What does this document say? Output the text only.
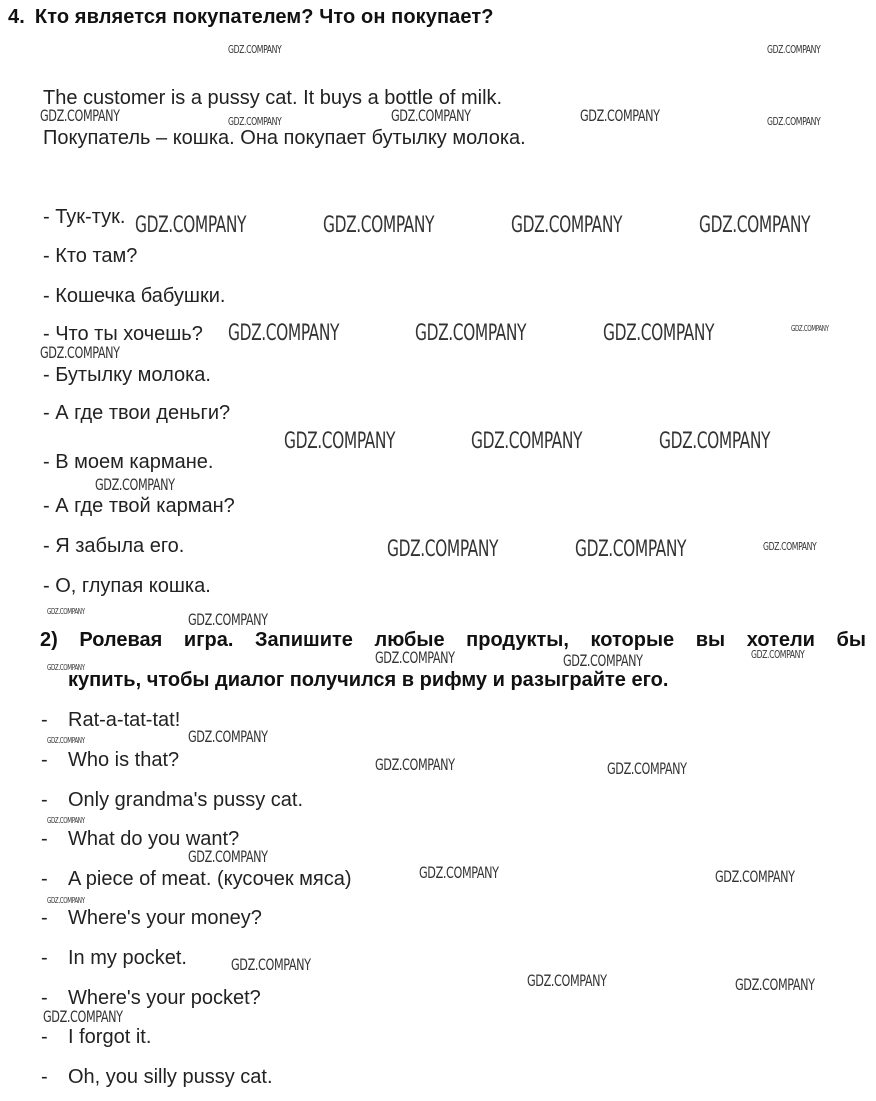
4. Кто является покупателем? Что он покупает?
The customer is a pussy cat. It buys a bottle of milk.
Покупатель – кошка. Она покупает бутылку молока.
- Тук-тук.
- Кто там?
- Кошечка бабушки.
- Что ты хочешь?
- Бутылку молока.
- А где твои деньги?
- В моем кармане.
- А где твой карман?
- Я забыла его.
- О, глупая кошка.
2) Ролевая игра. Запишите любые продукты, которые вы хотели бы
купить, чтобы диалог получился в рифму и разыграйте его.
- Rat-a-tat-tat!
- Who is that?
- Only grandma's pussy cat.
- What do you want?
- A piece of meat. (кусочек мяса)
- Where's your money?
- In my pocket.
- Where's your pocket?
- I forgot it.
- Oh, you silly pussy cat.
GDZ.COMPANY	GDZ.COMPANY
GDZ.COMPANY	GDZ.COMPANY	GDZ.COMPANY	GDZ.COMPANY	GDZ.COMPANY
GDZ.COMPANY	GDZ.COMPANY	GDZ.COMPANY	GDZ.COMPANY
GDZ.COMPANY	GDZ.COMPANY	GDZ.COMPANY	GDZ.COMPANY
GDZ.COMPANY
GDZ.COMPANY	GDZ.COMPANY	GDZ.COMPANY
GDZ.COMPANY
GDZ.COMPANY	GDZ.COMPANY	GDZ.COMPANY
GDZ.COMPANY	GDZ.COMPANY
GDZ.COMPANY	GDZ.COMPANY	GDZ.COMPANY
GDZ.COMPANY
GDZ.COMPANY	GDZ.COMPANY
GDZ.COMPANY	GDZ.COMPANY
GDZ.COMPANY
GDZ.COMPANY
GDZ.COMPANY	GDZ.COMPANY
GDZ.COMPANY
GDZ.COMPANY
GDZ.COMPANY	GDZ.COMPANY
GDZ.COMPANY
